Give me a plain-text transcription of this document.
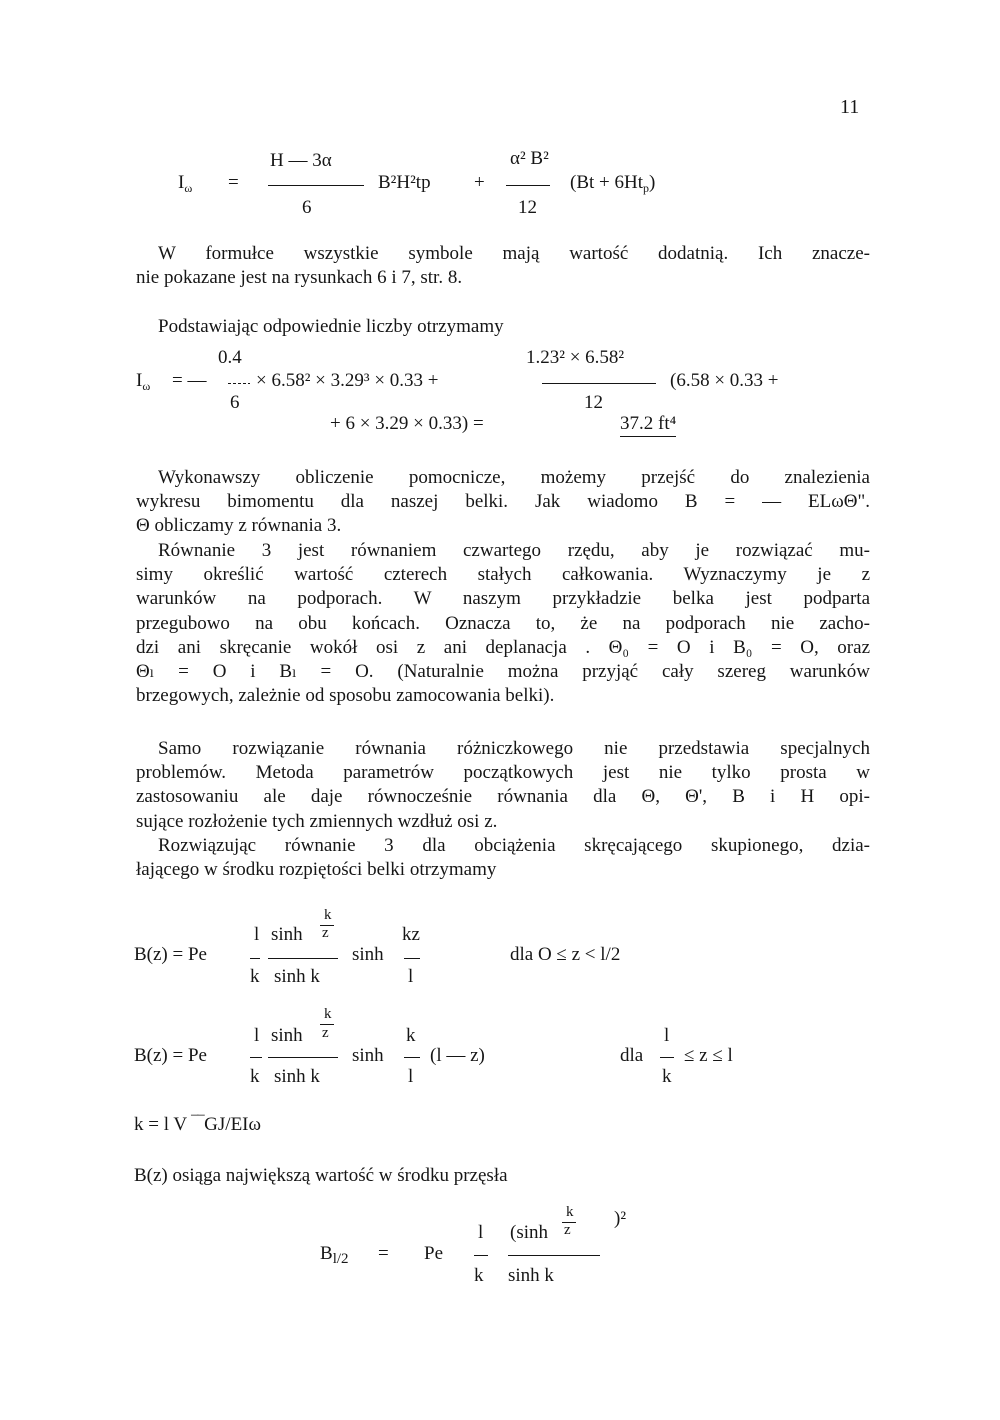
11
$I_\omega$ =
H — 3α
6
B²H²tp +
α² B²
12
$(Bt + 6Ht_p)$
W formułce wszystkie symbole mają wartość dodatnią. Ich znacze-
nie pokazane jest na rysunkach 6 i 7, str. 8.
Podstawiając odpowiednie liczby otrzymamy
$I_\omega$ = —
0.4
6
× 6.58² × 3.29³ × 0.33 +
1.23² × 6.58²
12
(6.58 × 0.33 +
+ 6 × 3.29 × 0.33) =	37.2 ft⁴
Wykonawszy obliczenie pomocnicze, możemy przejść do znalezienia
wykresu bimomentu dla naszej belki. Jak wiadomo B = — ELωΘ".
Θ obliczamy z równania 3.
Równanie 3 jest równaniem czwartego rzędu, aby je rozwiązać mu-
simy określić wartość czterech stałych całkowania. Wyznaczymy je z
warunków na podporach. W naszym przykładzie belka jest podparta
przegubowo na obu końcach. Oznacza to, że na podporach nie zacho-
dzi ani skręcanie wokół osi z ani deplanacja . Θ₀ = O i B₀ = O, oraz
Θₗ = O i Bₗ = O. (Naturalnie można przyjąć cały szereg warunków
brzegowych, zależnie od sposobu zamocowania belki).
Samo rozwiązanie równania różniczkowego nie przedstawia specjalnych
problemów. Metoda parametrów początkowych jest nie tylko prosta w
zastosowaniu ale daje równocześnie równania dla Θ, Θ', B i H opi-
sujące rozłożenie tych zmiennych wzdłuż osi z.
Rozwiązując równanie 3 dla obciążenia skręcającego skupionego, dzia-
łającego w środku rozpiętości belki otrzymamy
B(z) = Pe
l
k
sinh
k
z
sinh k
sinh
kz
l
dla O ≤ z < l/2
B(z) = Pe
l
k
sinh
k
z
sinh k
sinh
k
l
(l — z)	dla
l
k
≤ z ≤ l
k = l V ‾‾GJ/EIω
B(z) osiąga największą wartość w środku przęsła
$B_{l/2} = Pe$
l
k
(sinh
k
z
)²
sinh k
